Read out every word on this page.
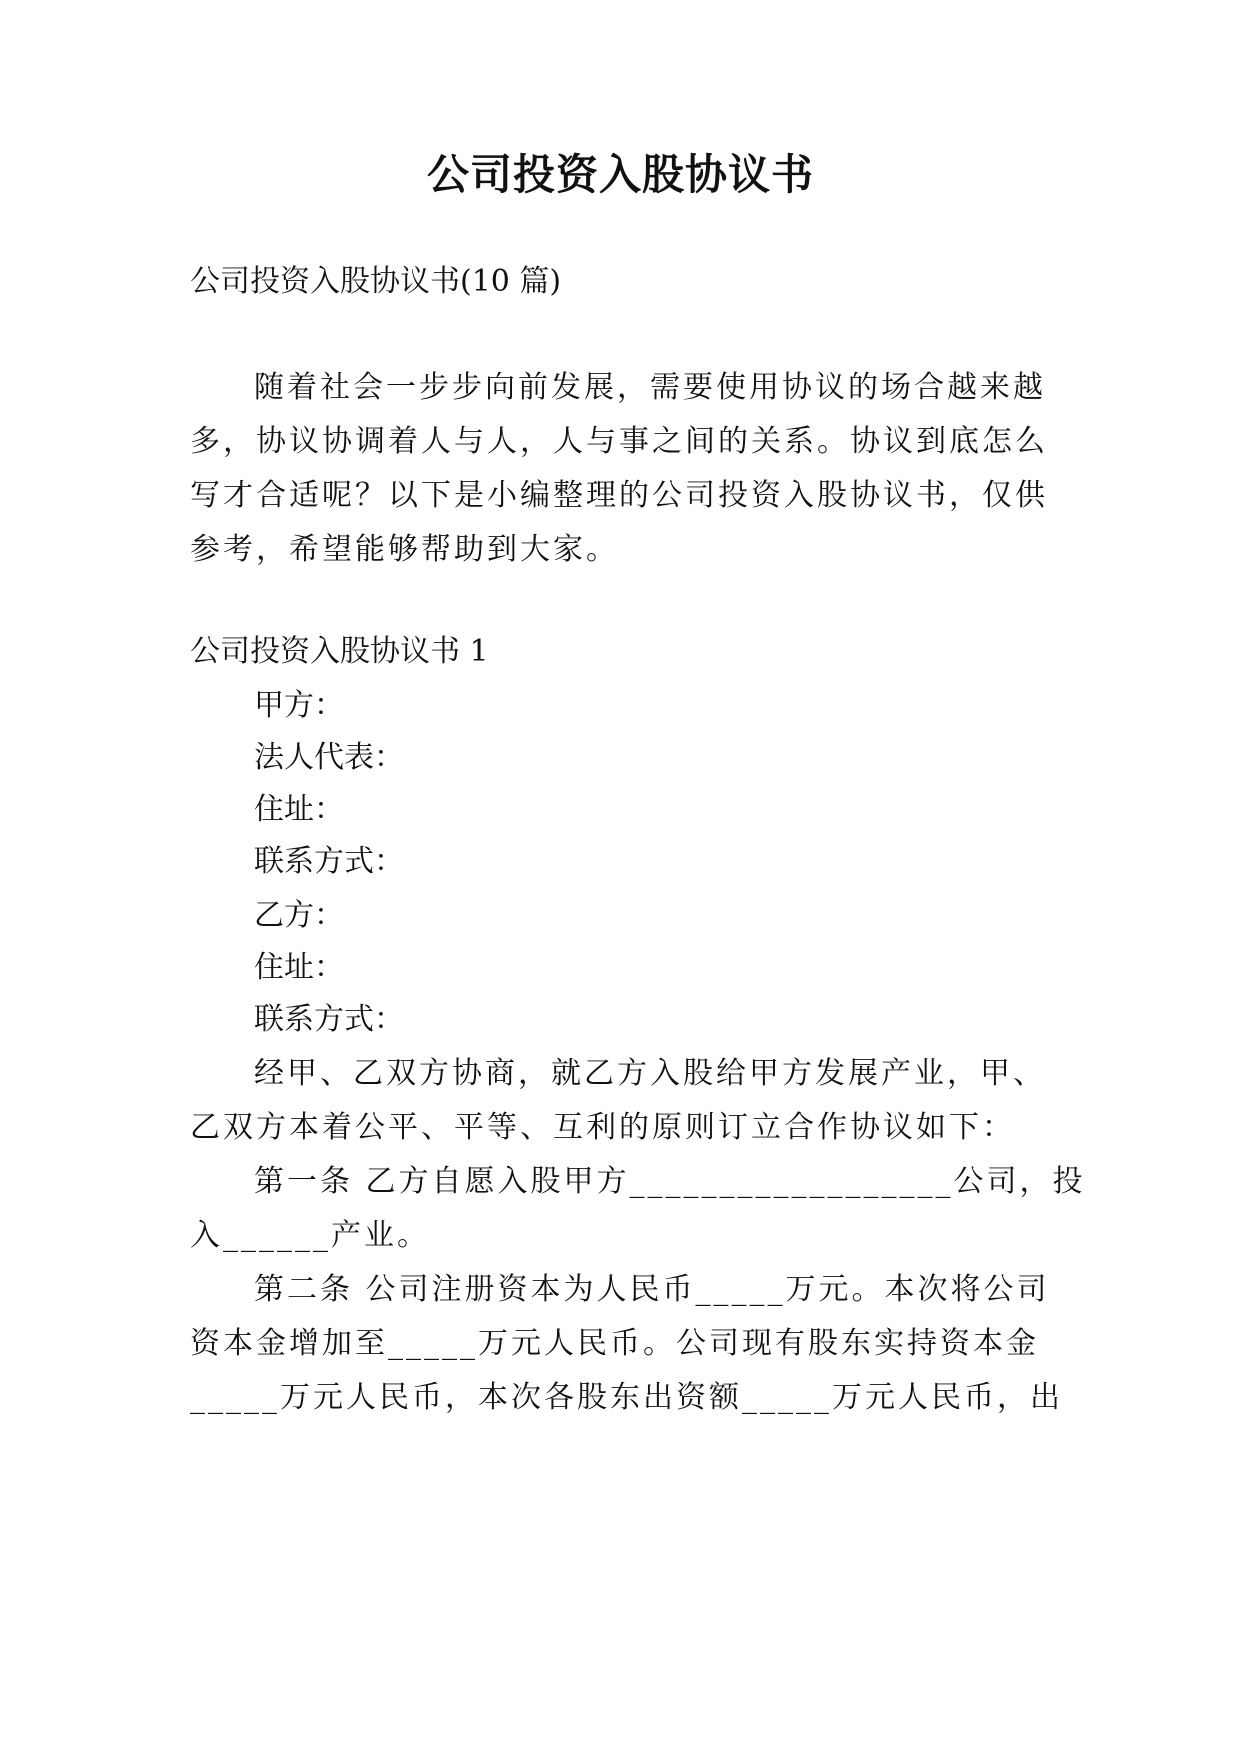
公司投资入股协议书
公司投资入股协议书(10 篇)
随着社会一步步向前发展，需要使用协议的场合越来越
多，协议协调着人与人，人与事之间的关系。协议到底怎么
写才合适呢？以下是小编整理的公司投资入股协议书，仅供
参考，希望能够帮助到大家。
公司投资入股协议书 1
甲方：
法人代表：
住址：
联系方式：
乙方：
住址：
联系方式：
经甲、乙双方协商，就乙方入股给甲方发展产业，甲、
乙双方本着公平、平等、互利的原则订立合作协议如下：
第一条 乙方自愿入股甲方__________________公司，投
入______产业。
第二条 公司注册资本为人民币_____万元。本次将公司
资本金增加至_____万元人民币。公司现有股东实持资本金
_____万元人民币，本次各股东出资额_____万元人民币，出
